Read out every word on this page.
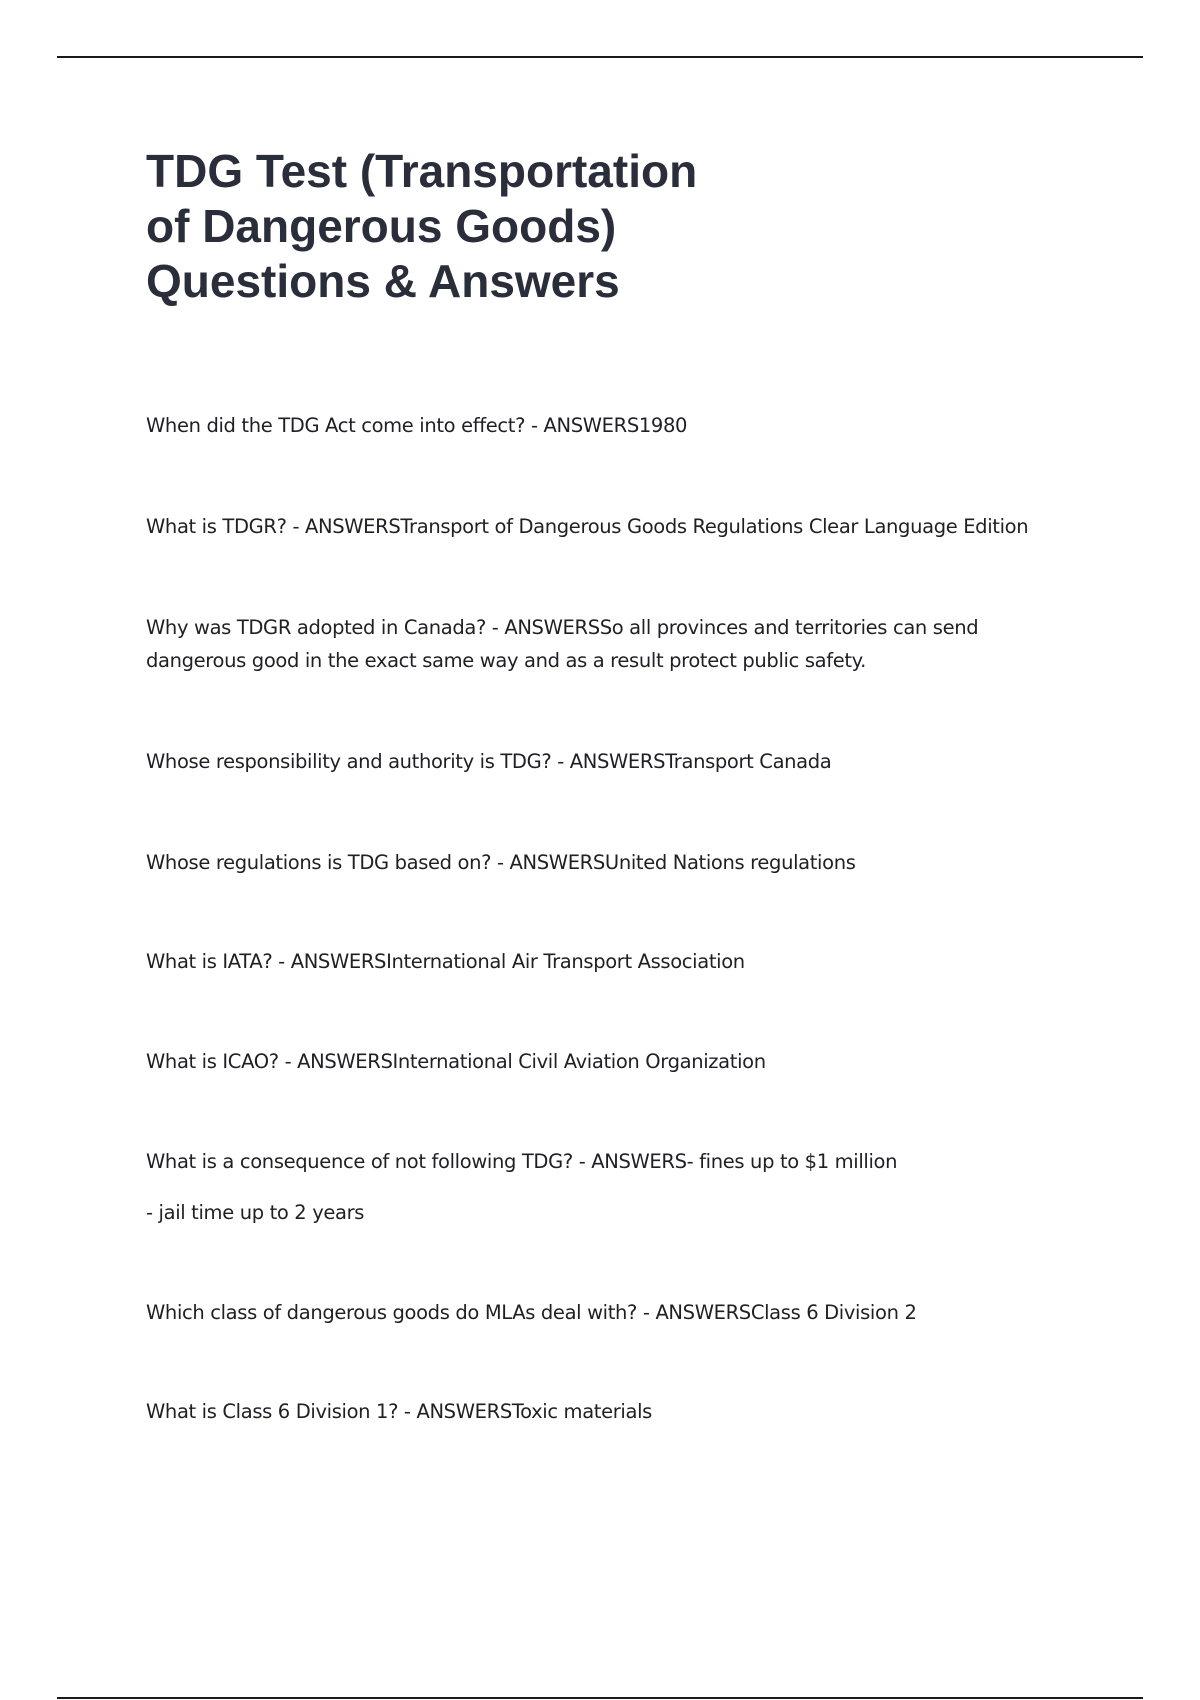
TDG Test (Transportation
of Dangerous Goods)
Questions & Answers

When did the TDG Act come into effect? - ANSWERS1980

What is TDGR? - ANSWERSTransport of Dangerous Goods Regulations Clear Language Edition

Why was TDGR adopted in Canada? - ANSWERSSo all provinces and territories can send
dangerous good in the exact same way and as a result protect public safety.

Whose responsibility and authority is TDG? - ANSWERSTransport Canada

Whose regulations is TDG based on? - ANSWERSUnited Nations regulations

What is IATA? - ANSWERSInternational Air Transport Association

What is ICAO? - ANSWERSInternational Civil Aviation Organization

What is a consequence of not following TDG? - ANSWERS- fines up to $1 million
- jail time up to 2 years

Which class of dangerous goods do MLAs deal with? - ANSWERSClass 6 Division 2

What is Class 6 Division 1? - ANSWERSToxic materials
